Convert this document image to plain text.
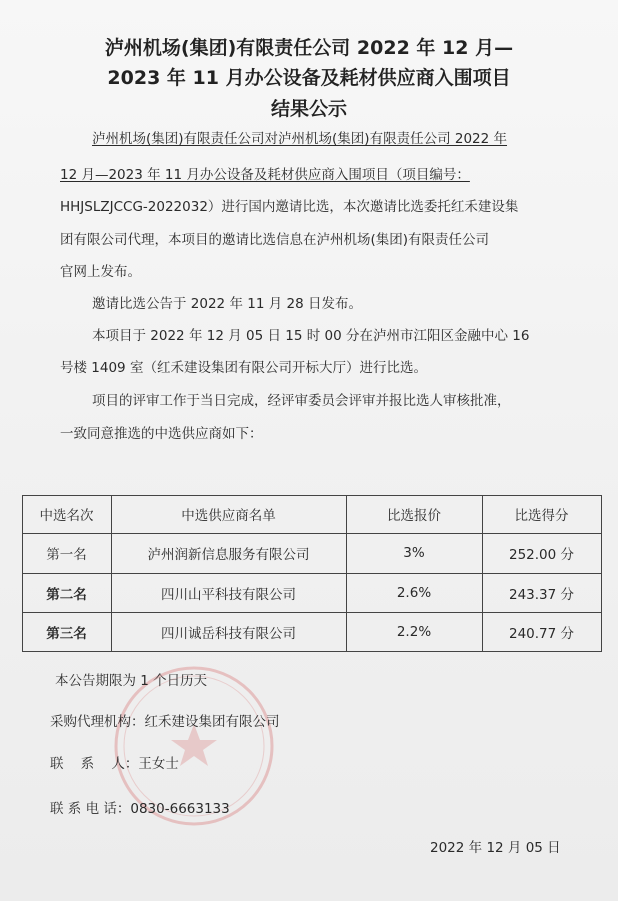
泸州机场(集团)有限责任公司 2022 年 12 月—
2023 年 11 月办公设备及耗材供应商入围项目
结果公示
泸州机场(集团)有限责任公司对泸州机场(集团)有限责任公司 2022 年
12 月—2023 年 11 月办公设备及耗材供应商入围项目（项目编号：
HHJSLZJCCG-2022032）进行国内邀请比选，本次邀请比选委托红禾建设集
团有限公司代理，本项目的邀请比选信息在泸州机场(集团)有限责任公司
官网上发布。
邀请比选公告于 2022 年 11 月 28 日发布。
本项目于 2022 年 12 月 05 日 15 时 00 分在泸州市江阳区金融中心 16
号楼 1409 室（红禾建设集团有限公司开标大厅）进行比选。
项目的评审工作于当日完成，经评审委员会评审并报比选人审核批准，
一致同意推选的中选供应商如下：
中选名次	中选供应商名单	比选报价	比选得分
第一名	泸州润新信息服务有限公司	3%	252.00 分
第二名	四川山平科技有限公司	2.6%	243.37 分
第三名	四川诚岳科技有限公司	2.2%	240.77 分
本公告期限为 1 个日历天
采购代理机构：红禾建设集团有限公司
联    系    人：王女士
联 系 电 话：0830-6663133
2022 年 12 月 05 日
